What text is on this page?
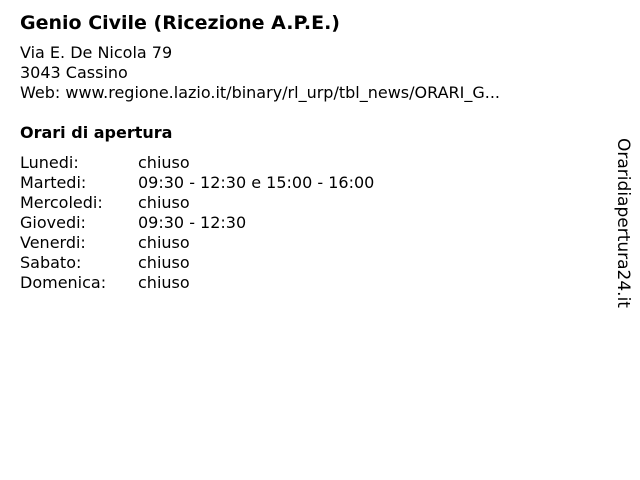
Genio Civile (Ricezione A.P.E.)
Via E. De Nicola 79
3043 Cassino
Web: www.regione.lazio.it/binary/rl_urp/tbl_news/ORARI_G...
Orari di apertura
Lunedi:	chiuso
Martedi:	09:30 - 12:30 e 15:00 - 16:00
Mercoledi:	chiuso
Giovedi:	09:30 - 12:30
Venerdi:	chiuso
Sabato:	chiuso
Domenica:	chiuso	Oraridiapertura24.it
